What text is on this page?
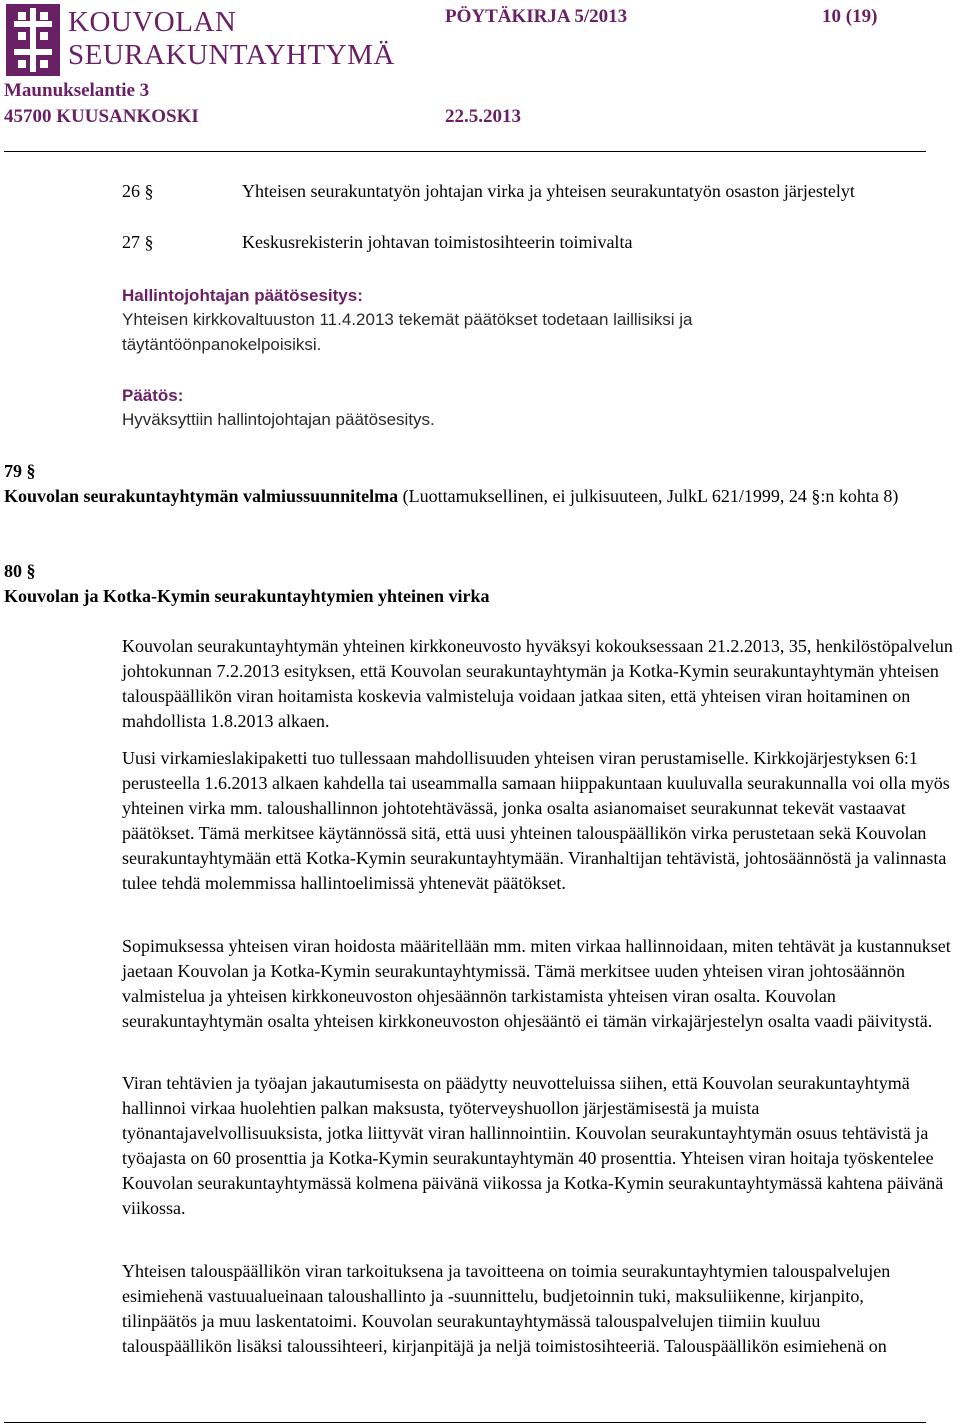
KOUVOLAN
SEURAKUNTAYHTYMÄ
PÖYTÄKIRJA 5/2013	10 (19)
Maunukselantie 3
45700 KUUSANKOSKI	22.5.2013
26 §	Yhteisen seurakuntatyön johtajan virka ja yhteisen seurakuntatyön osaston järjestelyt
27 §	Keskusrekisterin johtavan toimistosihteerin toimivalta
Hallintojohtajan päätösesitys:
Yhteisen kirkkovaltuuston 11.4.2013 tekemät päätökset todetaan laillisiksi ja täytäntöönpanokelpoisiksi.
Päätös:
Hyväksyttiin hallintojohtajan päätösesitys.
79 §
Kouvolan seurakuntayhtymän valmiussuunnitelma (Luottamuksellinen, ei julkisuuteen, JulkL 621/1999, 24 §:n kohta 8)
80 §
Kouvolan ja Kotka-Kymin seurakuntayhtymien yhteinen virka
Kouvolan seurakuntayhtymän yhteinen kirkkoneuvosto hyväksyi kokouksessaan 21.2.2013, 35, henkilöstöpalvelun johtokunnan 7.2.2013 esityksen, että Kouvolan seurakuntayhtymän ja Kotka-Kymin seurakuntayhtymän yhteisen talouspäällikön viran hoitamista koskevia valmisteluja voidaan jatkaa siten, että yhteisen viran hoitaminen on mahdollista 1.8.2013 alkaen.
Uusi virkamieslakipaketti tuo tullessaan mahdollisuuden yhteisen viran perustamiselle. Kirkkojärjestyksen 6:1 perusteella 1.6.2013 alkaen kahdella tai useammalla samaan hiippakuntaan kuuluvalla seurakunnalla voi olla myös yhteinen virka mm. taloushallinnon johtotehtävässä, jonka osalta asianomaiset seurakunnat tekevät vastaavat päätökset. Tämä merkitsee käytännössä sitä, että uusi yhteinen talouspäällikön virka perustetaan sekä Kouvolan seurakuntayhtymään että Kotka-Kymin seurakuntayhtymään. Viranhaltijan tehtävistä, johtosäännöstä ja valinnasta tulee tehdä molemmissa hallintoelimissä yhtenevät päätökset.
Sopimuksessa yhteisen viran hoidosta määritellään mm. miten virkaa hallinnoidaan, miten tehtävät ja kustannukset jaetaan Kouvolan ja Kotka-Kymin seurakuntayhtymissä. Tämä merkitsee uuden yhteisen viran johtosäännön valmistelua ja yhteisen kirkkoneuvoston ohjesäännön tarkistamista yhteisen viran osalta. Kouvolan seurakuntayhtymän osalta yhteisen kirkkoneuvoston ohjesääntö ei tämän virkajärjestelyn osalta vaadi päivitystä.
Viran tehtävien ja työajan jakautumisesta on päädytty neuvotteluissa siihen, että Kouvolan seurakuntayhtymä hallinnoi virkaa huolehtien palkan maksusta, työterveyshuollon järjestämisestä ja muista työnantajavelvollisuuksista, jotka liittyvät viran hallinnointiin. Kouvolan seurakuntayhtymän osuus tehtävistä ja työajasta on 60 prosenttia ja Kotka-Kymin seurakuntayhtymän 40 prosenttia. Yhteisen viran hoitaja työskentelee Kouvolan seurakuntayhtymässä kolmena päivänä viikossa ja Kotka-Kymin seurakuntayhtymässä kahtena päivänä viikossa.
Yhteisen talouspäällikön viran tarkoituksena ja tavoitteena on toimia seurakuntayhtymien talouspalvelujen esimiehenä vastuualueinaan taloushallinto ja -suunnittelu, budjetoinnin tuki, maksuliikenne, kirjanpito, tilinpäätös ja muu laskentatoimi. Kouvolan seurakuntayhtymässä talouspalvelujen tiimiin kuuluu talouspäällikön lisäksi taloussihteeri, kirjanpitäjä ja neljä toimistosihteeriä. Talouspäällikön esimiehenä on
